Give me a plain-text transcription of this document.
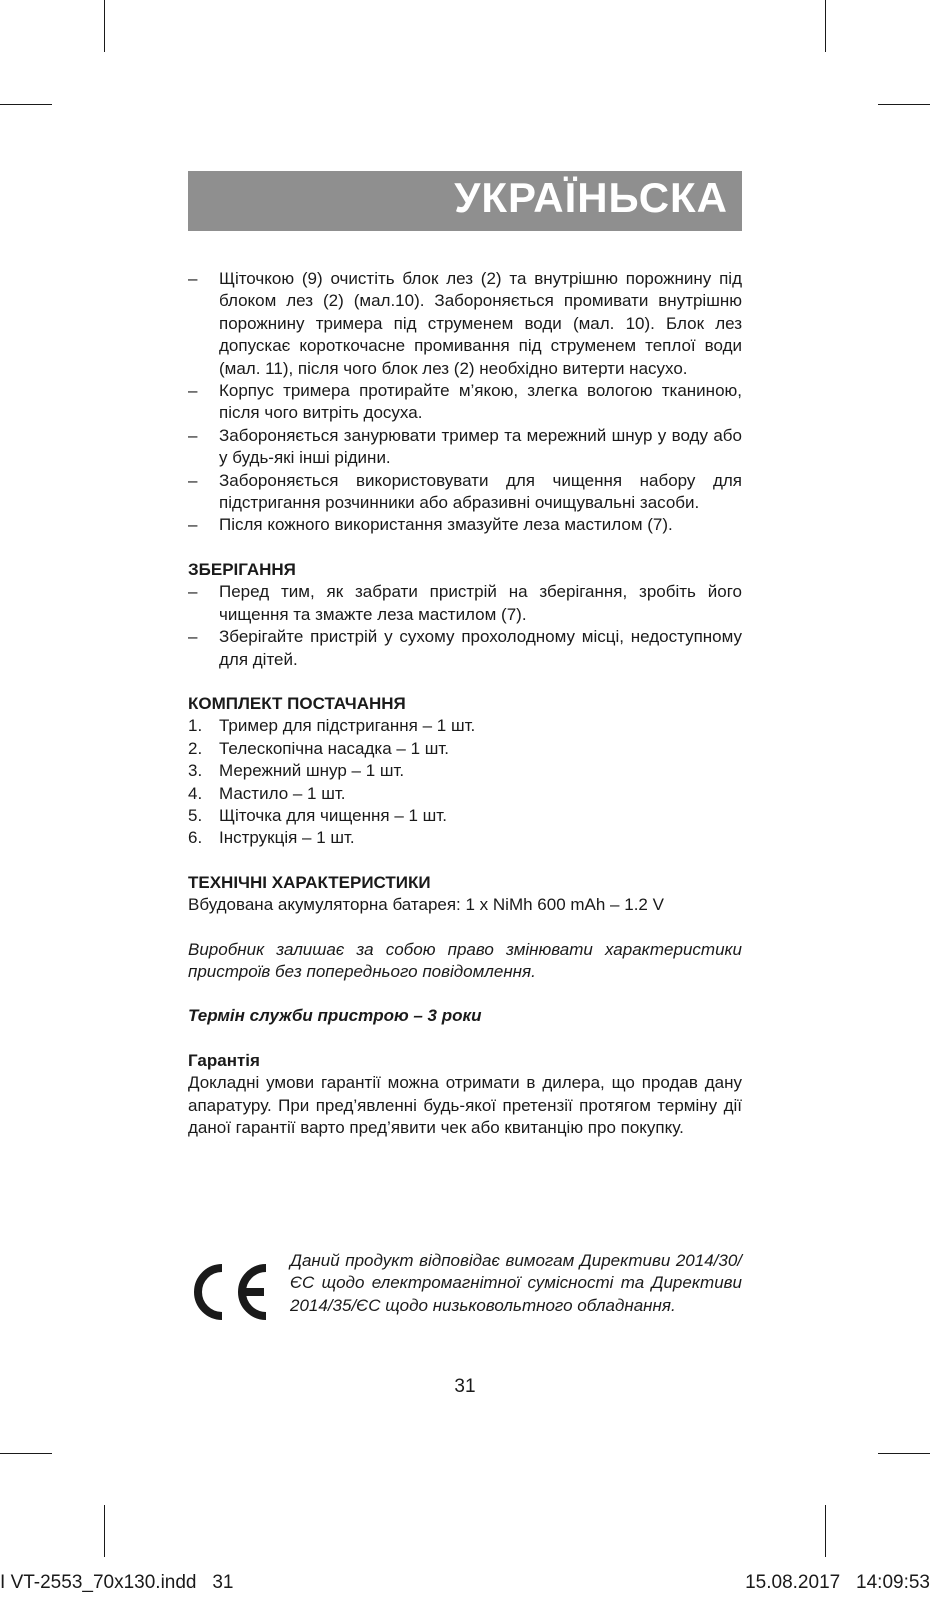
УКРАЇНЬСКА
– Щіточкою (9) очистіть блок лез (2) та внутрішню порожнину під блоком лез (2) (мал.10). Забороняється промивати внутрішню порожнину тримера під струменем води (мал. 10). Блок лез допускає короткочасне промивання під струменем теплої води (мал. 11), після чого блок лез (2) необхідно витерти насухо.
– Корпус тримера протирайте м’якою, злегка вологою тканиною, після чого витріть досуха.
– Забороняється занурювати тример та мережний шнур у воду або у будь-які інші рідини.
– Забороняється використовувати для чищення набору для підстригання розчинники або абразивні очищувальні засоби.
– Після кожного використання змазуйте леза мастилом (7).
ЗБЕРІГАННЯ
– Перед тим, як забрати пристрій на зберігання, зробіть його чищення та змажте леза мастилом (7).
– Зберігайте пристрій у сухому прохолодному місці, недоступному для дітей.
КОМПЛЕКТ ПОСТАЧАННЯ
1. Тример для підстригання – 1 шт.
2. Телескопічна насадка – 1 шт.
3. Мережний шнур – 1 шт.
4. Мастило – 1 шт.
5. Щіточка для чищення – 1 шт.
6. Інструкція – 1 шт.
ТЕХНІЧНІ ХАРАКТЕРИСТИКИ

Вбудована акумуляторна батарея: 1 x NiMh 600 mAh – 1.2 V

Виробник залишає за собою право змінювати характеристики пристроїв без попереднього повідомлення.

Термін служби пристрою – 3 роки

Гарантія

Докладні умови гарантії можна отримати в дилера, що продав дану апаратуру. При пред’явленні будь-якої претензії протягом терміну дії даної гарантії варто пред’явити чек або квитанцію про покупку.

Даний продукт відповідає вимогам Директиви 2014/30/ЄС щодо електромагнітної сумісності та Директиви 2014/35/ЄС щодо низьковольтного обладнання.

31
I VT-2553_70x130.indd   31	15.08.2017   14:09:53
